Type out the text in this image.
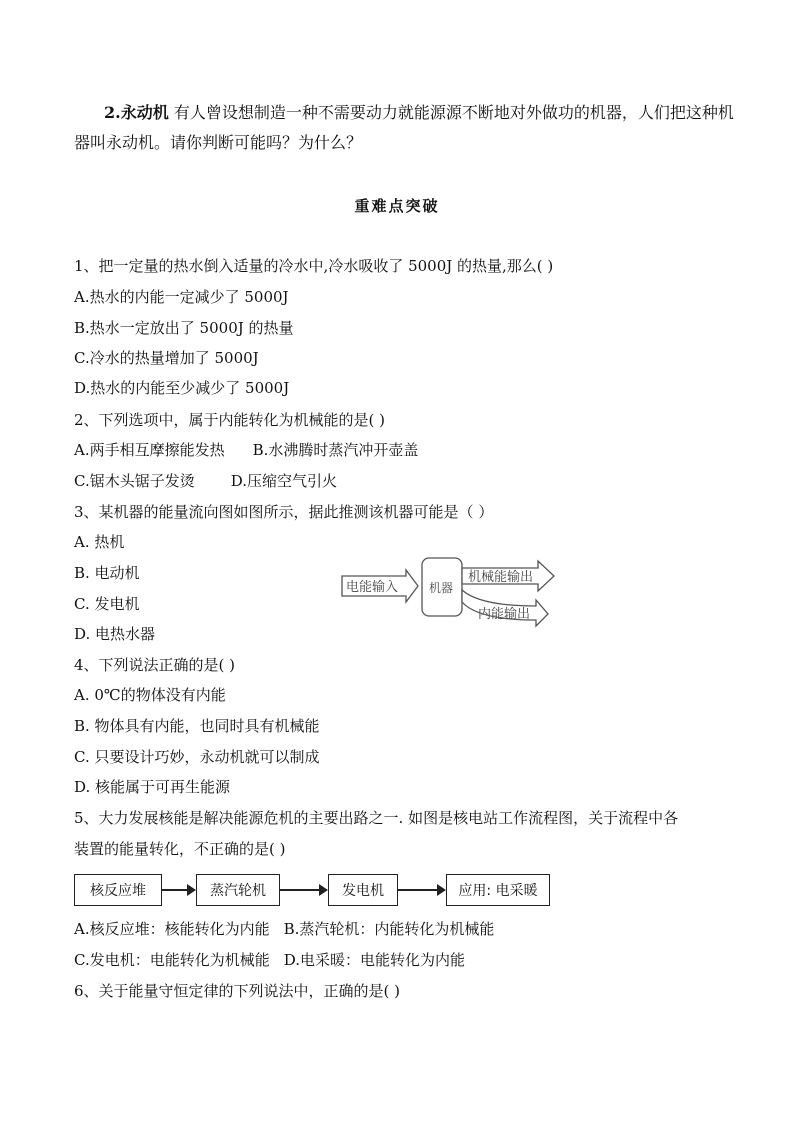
2.永动机 有人曾设想制造一种不需要动力就能源源不断地对外做功的机器，人们把这种机器叫永动机。请你判断可能吗？为什么？
重难点突破
1、把一定量的热水倒入适量的冷水中,冷水吸收了 5000J 的热量,那么( )
A.热水的内能一定减少了 5000J
B.热水一定放出了 5000J 的热量
C.冷水的热量增加了 5000J
D.热水的内能至少减少了 5000J
2、下列选项中，属于内能转化为机械能的是( )
A.两手相互摩擦能发热 B.水沸腾时蒸汽冲开壶盖
C.锯木头锯子发烫 D.压缩空气引火
3、某机器的能量流向图如图所示，据此推测该机器可能是（ ）
A. 热机
B. 电动机
C. 发电机
D. 电热水器
电能输入	机器
机械能输出
内能输出
4、下列说法正确的是( )
A. 0℃的物体没有内能
B. 物体具有内能，也同时具有机械能
C. 只要设计巧妙，永动机就可以制成
D. 核能属于可再生能源
5、大力发展核能是解决能源危机的主要出路之一. 如图是核电站工作流程图，关于流程中各
装置的能量转化，不正确的是( )
核反应堆	蒸汽轮机	发电机	应用: 电采暖
A.核反应堆：核能转化为内能 B.蒸汽轮机：内能转化为机械能
C.发电机：电能转化为机械能 D.电采暖：电能转化为内能
6、关于能量守恒定律的下列说法中，正确的是( )
